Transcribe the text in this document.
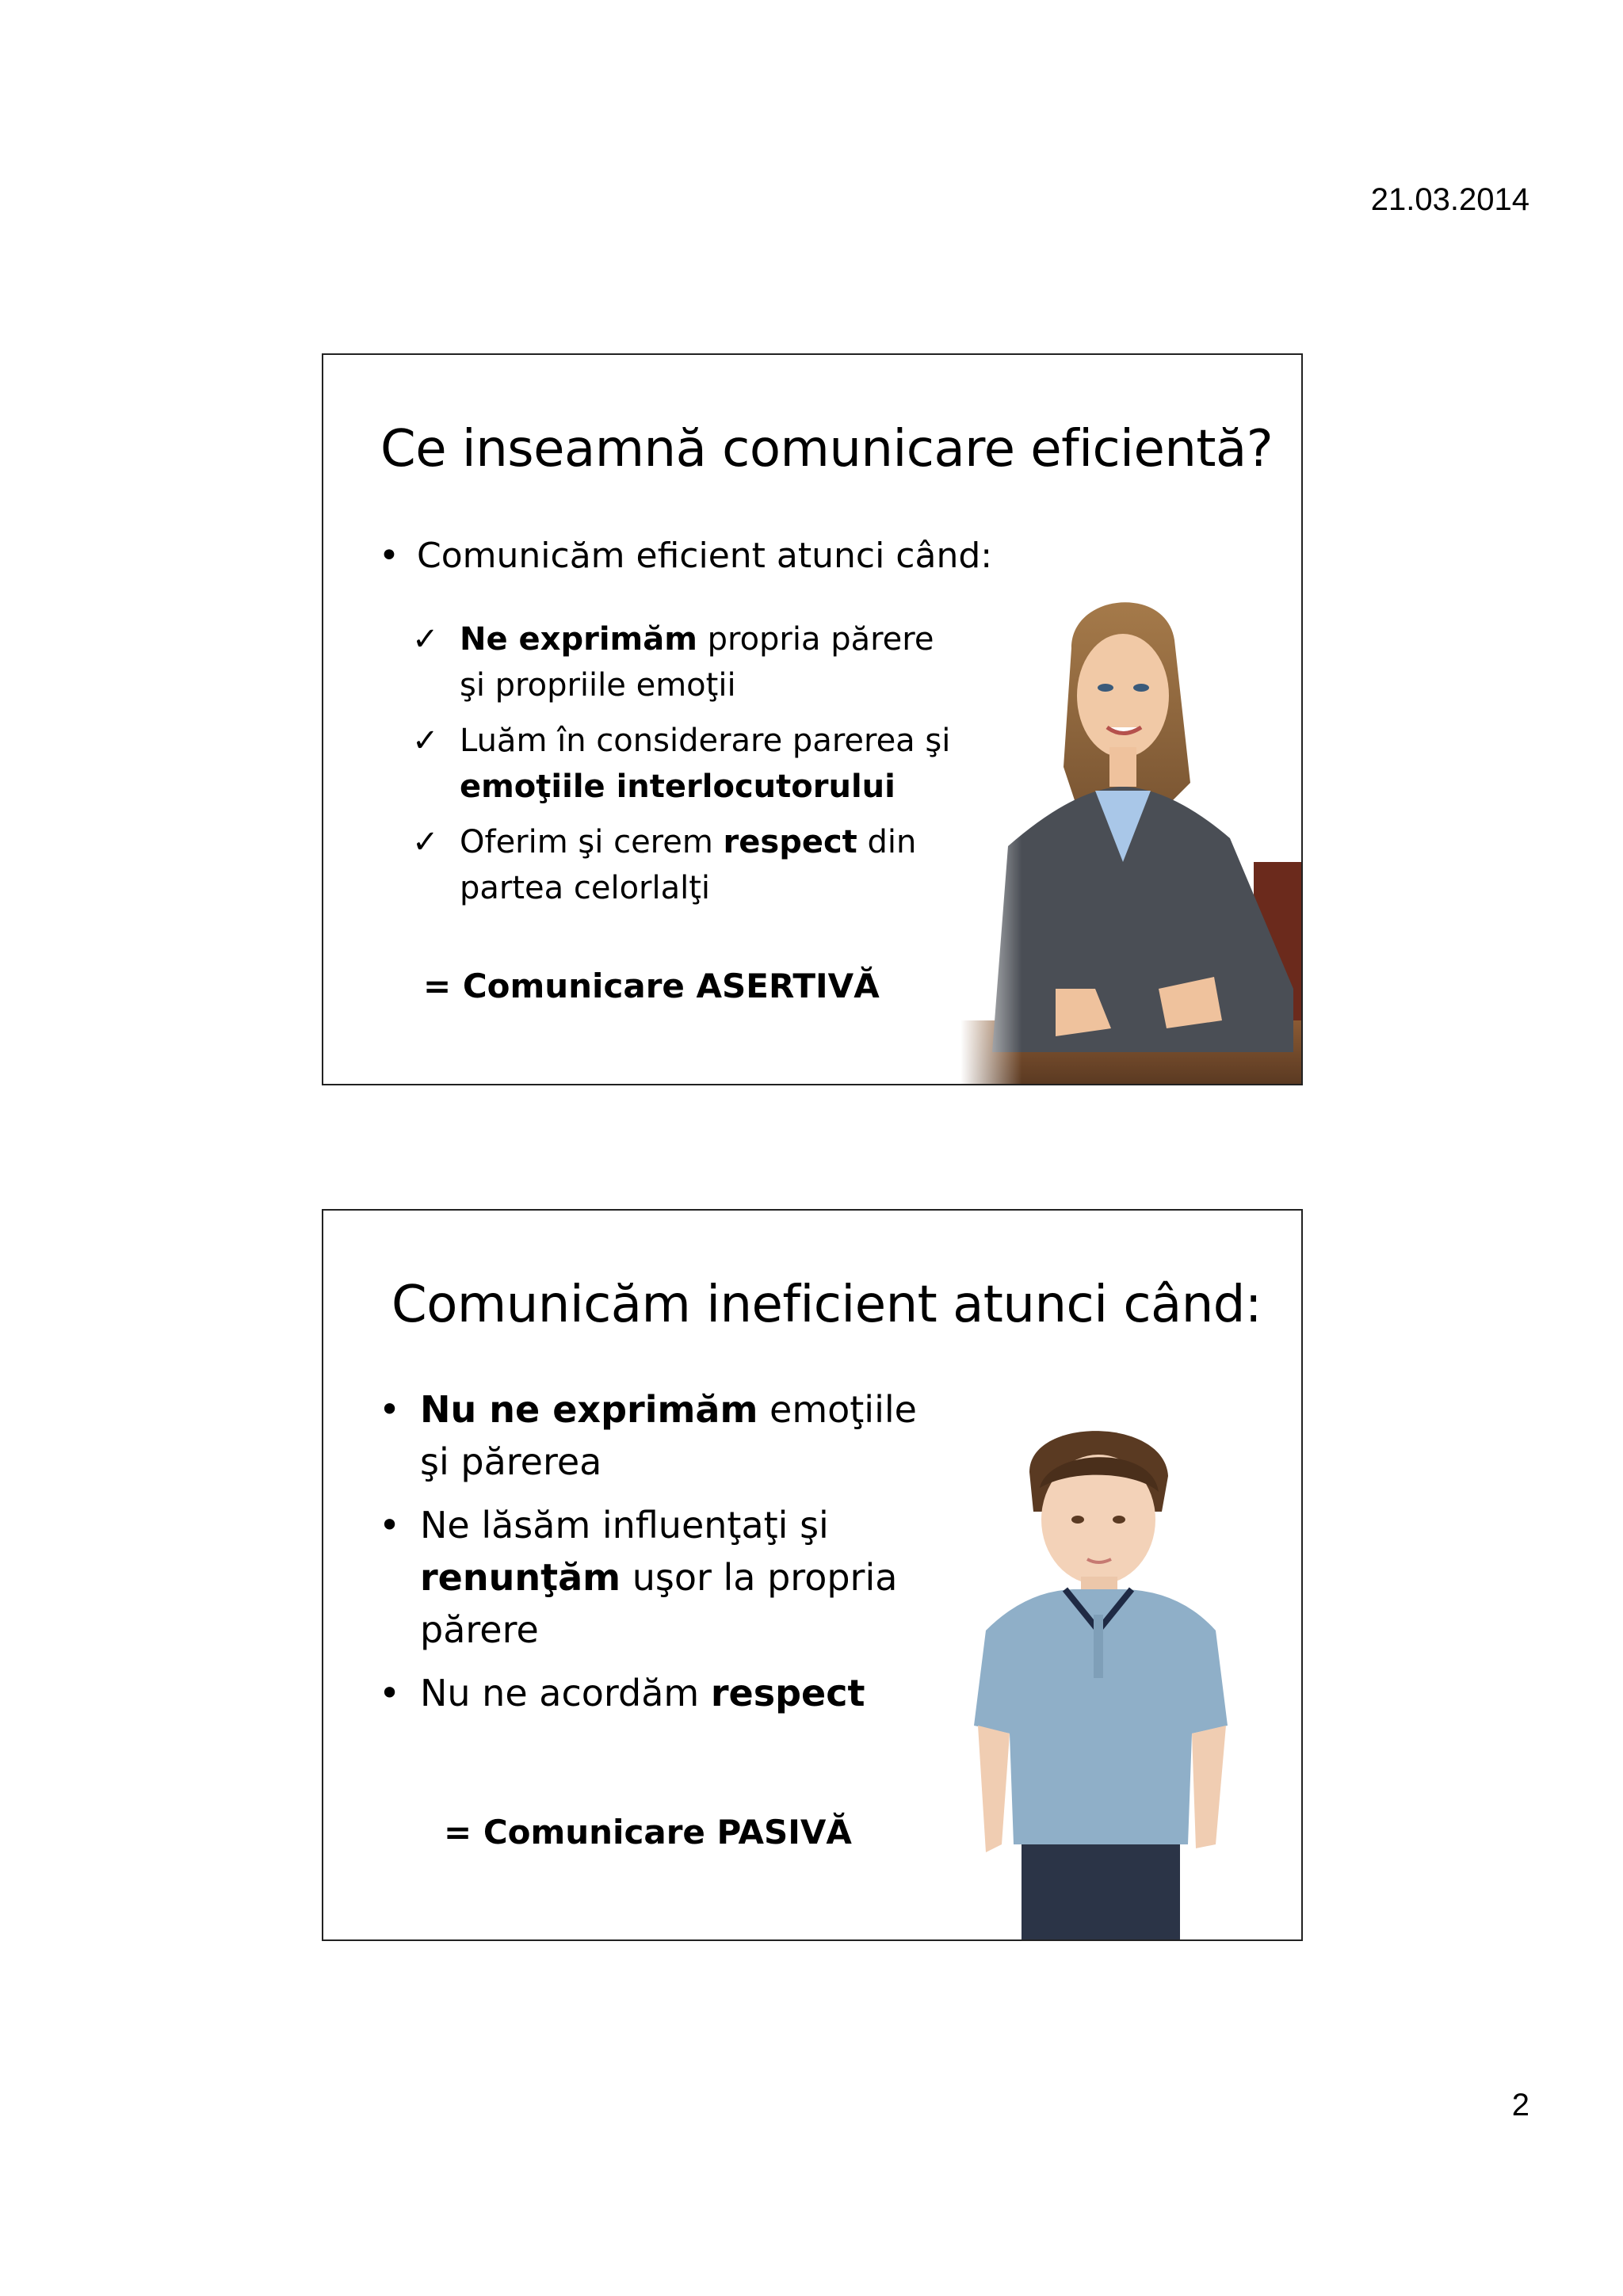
21.03.2014
Ce inseamnă comunicare eficientă?
• Comunicăm eficient atunci când:
✓ Ne exprimăm propria părere şi propriile emoţii
✓ Luăm în considerare parerea şi emoţiile interlocutorului
✓ Oferim şi cerem respect din partea celorlalţi
= Comunicare ASERTIVĂ
Comunicăm ineficient atunci când:
• Nu ne exprimăm emoţiile şi părerea
• Ne lăsăm influenţaţi şi renunţăm uşor la propria părere
• Nu ne acordăm respect
= Comunicare PASIVĂ
2
